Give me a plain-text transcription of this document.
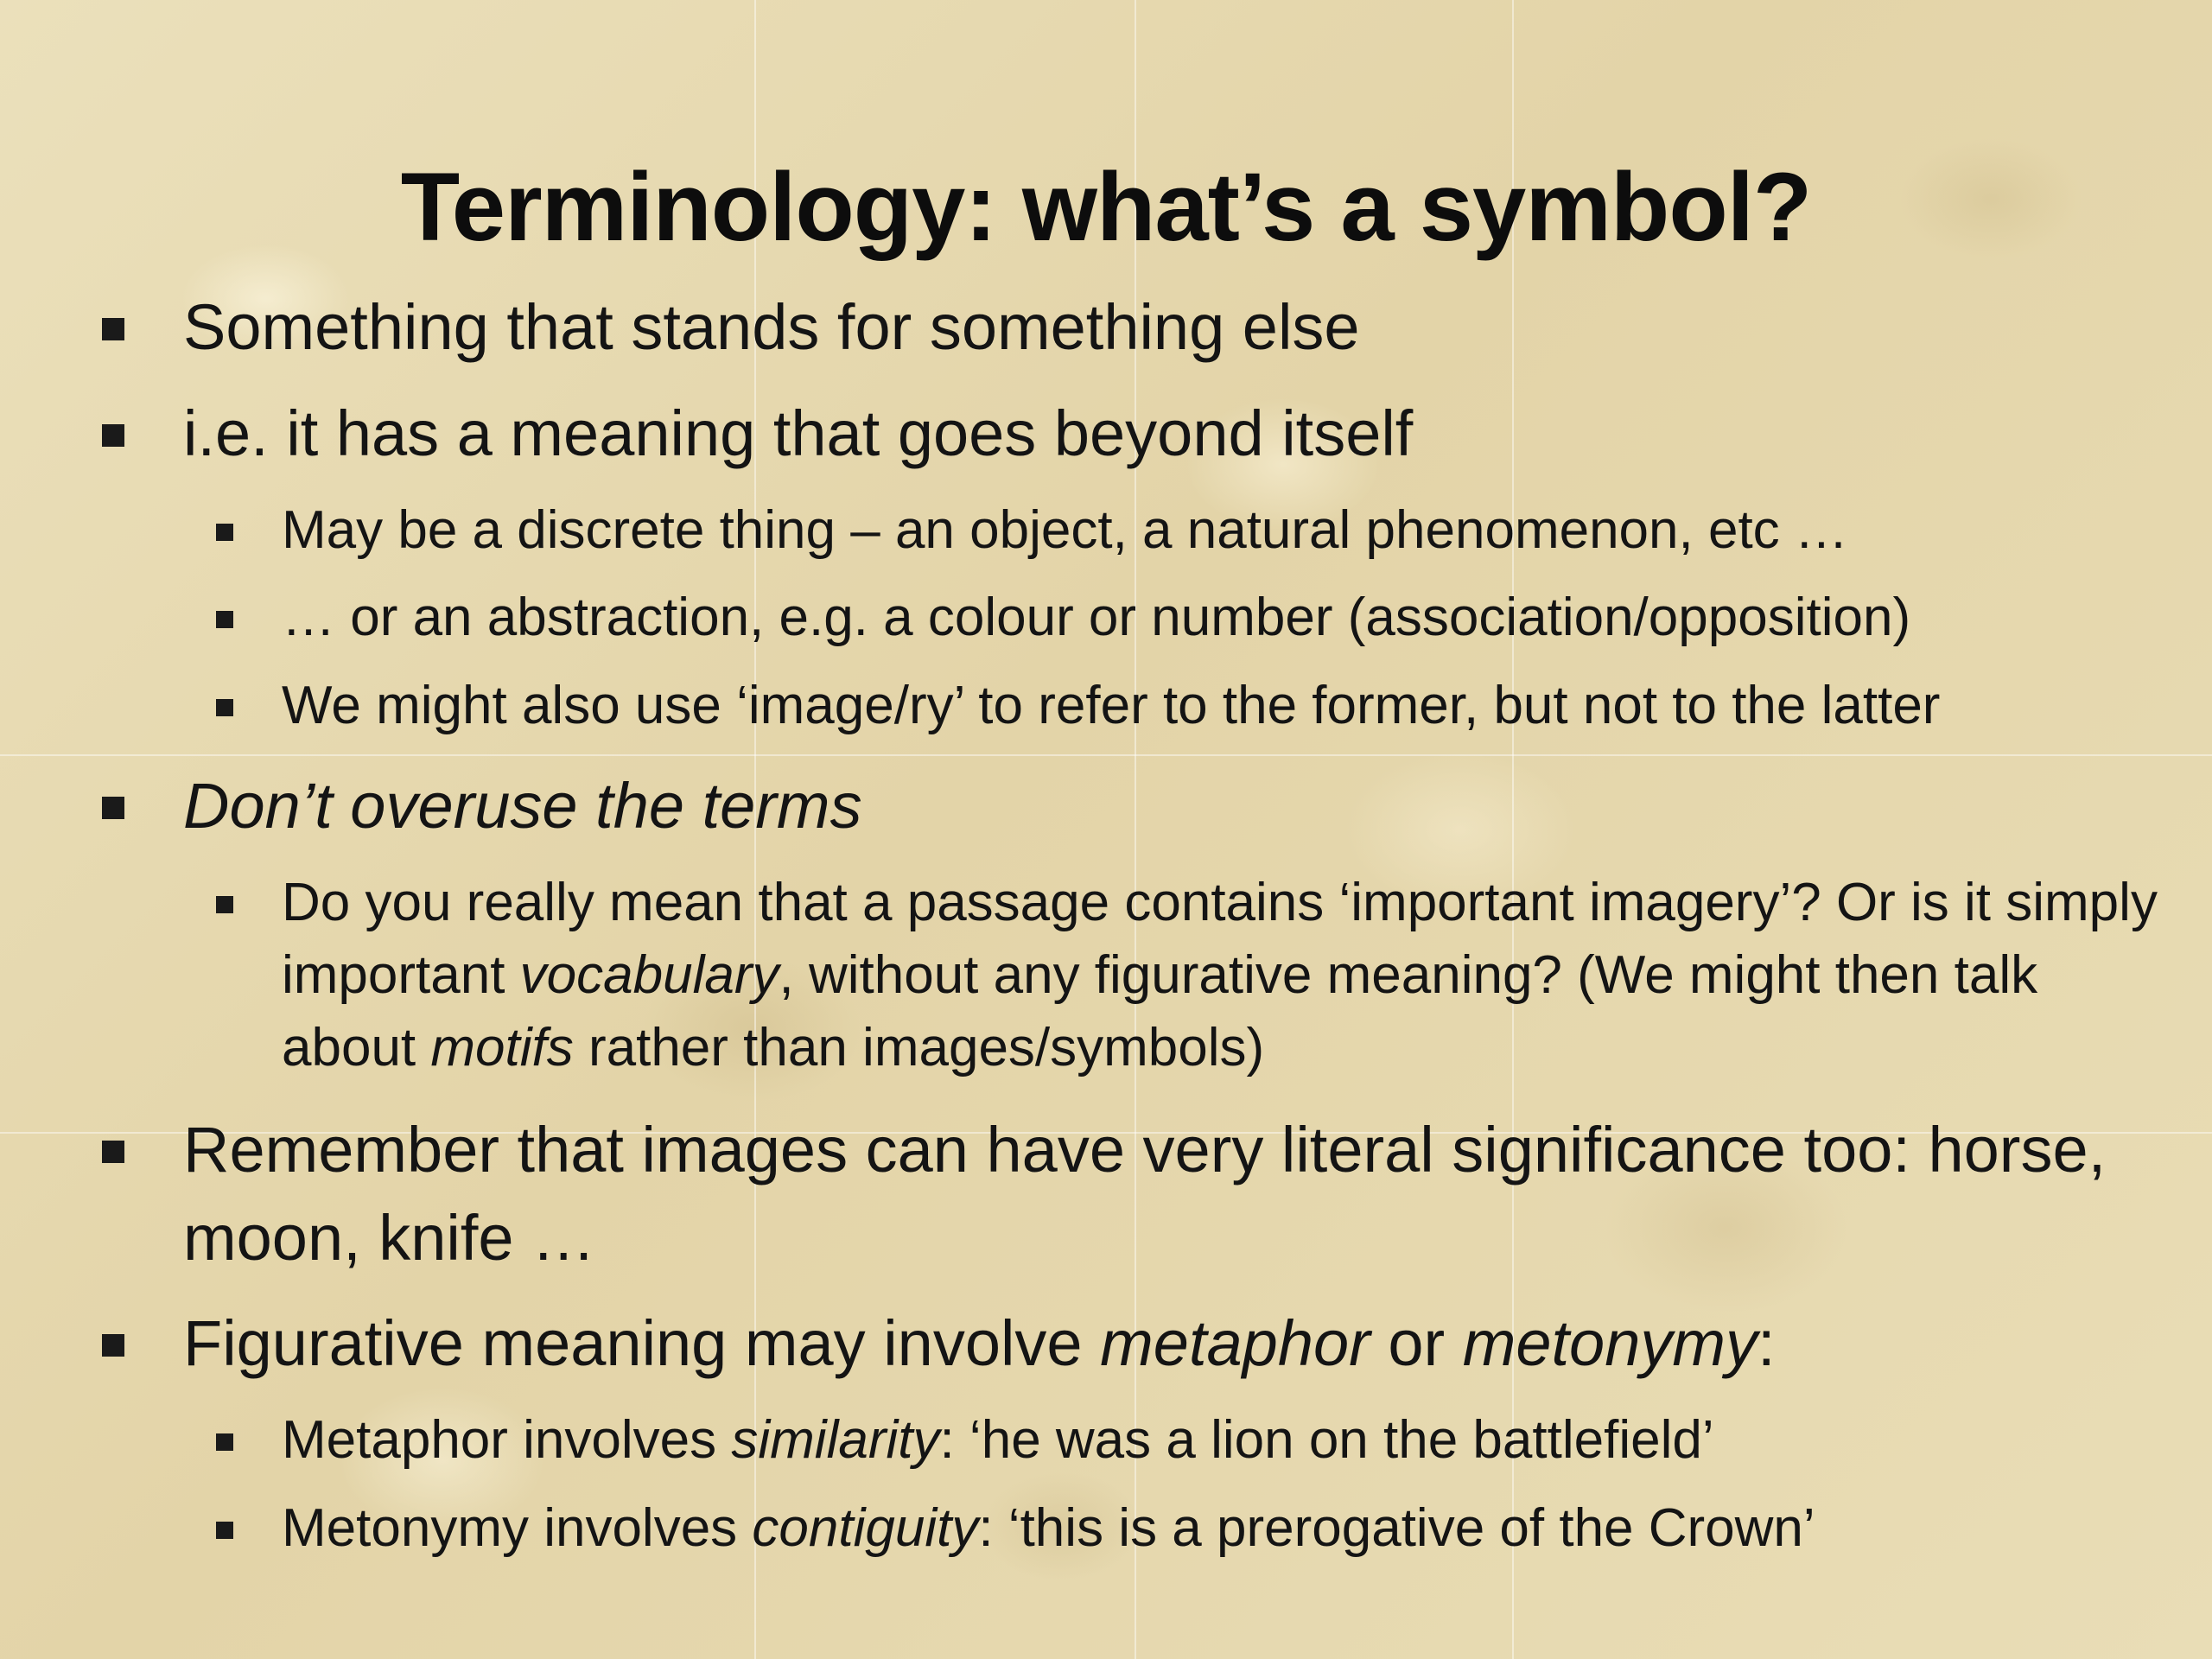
Terminology: what’s a symbol?
Something that stands for something else
i.e. it has a meaning that goes beyond itself
May be a discrete thing – an object, a natural phenomenon, etc …
… or an abstraction, e.g. a colour or number (association/opposition)
We might also use ‘image/ry’ to refer to the former, but not to the latter
Don’t overuse the terms
Do you really mean that a passage contains ‘important imagery’? Or is it simply important vocabulary, without any figurative meaning? (We might then talk about motifs rather than images/symbols)
Remember that images can have very literal significance too: horse, moon, knife …
Figurative meaning may involve metaphor or metonymy:
Metaphor involves similarity: ‘he was a lion on the battlefield’
Metonymy involves contiguity: ‘this is a prerogative of the Crown’
